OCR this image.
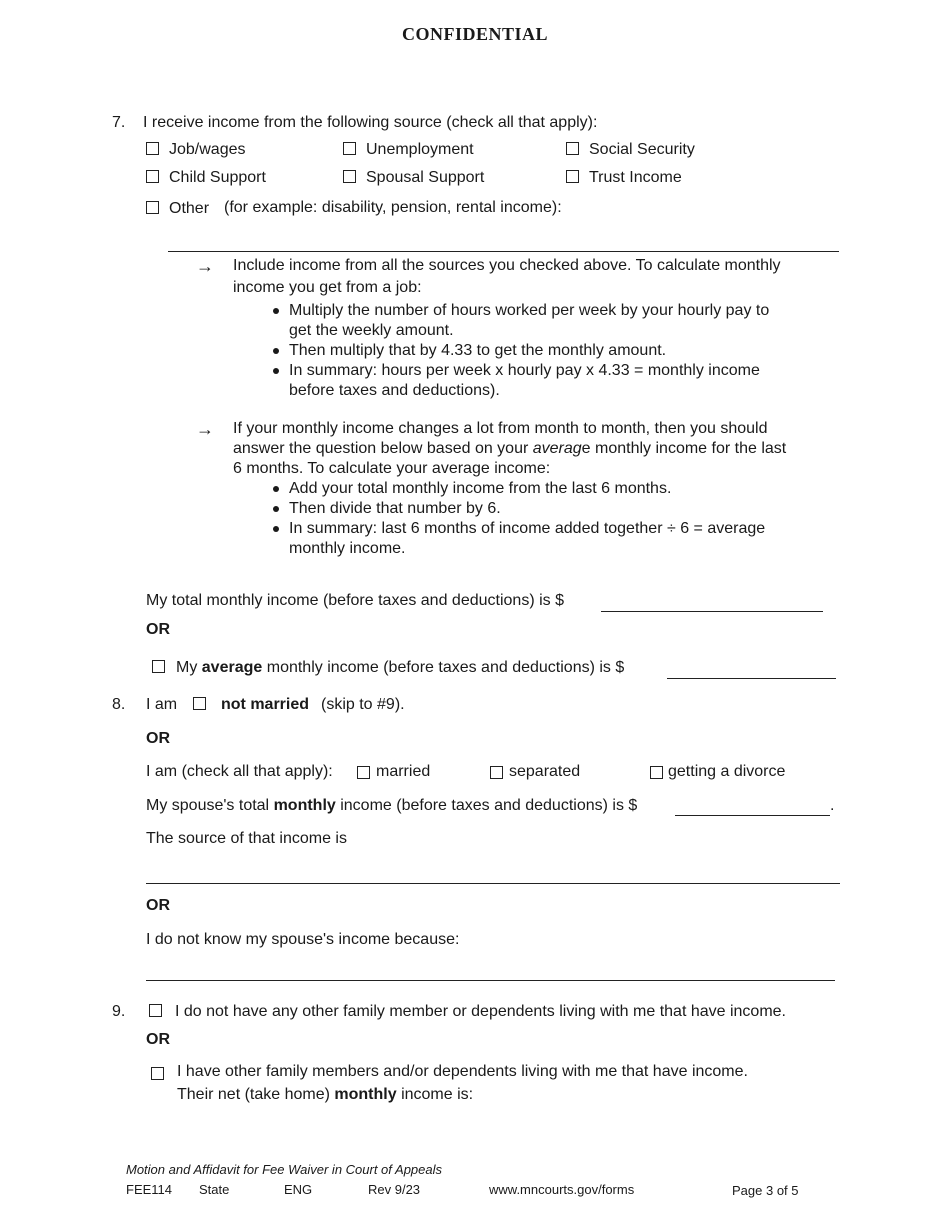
CONFIDENTIAL
7. I receive income from the following source (check all that apply):
Job/wages	Unemployment	Social Security
Child Support	Spousal Support	Trust Income
Other (for example: disability, pension, rental income):
→ Include income from all the sources you checked above. To calculate monthly
income you get from a job:
Multiply the number of hours worked per week by your hourly pay to
get the weekly amount.
Then multiply that by 4.33 to get the monthly amount.
In summary: hours per week x hourly pay x 4.33 = monthly income
before taxes and deductions).
→ If your monthly income changes a lot from month to month, then you should
answer the question below based on your average monthly income for the last
6 months. To calculate your average income:
Add your total monthly income from the last 6 months.
Then divide that number by 6.
In summary: last 6 months of income added together ÷ 6 = average
monthly income.
My total monthly income (before taxes and deductions) is $
OR
My average monthly income (before taxes and deductions) is $
8. I am	not married (skip to #9).
OR
I am (check all that apply):	married	separated	getting a divorce
My spouse's total monthly income (before taxes and deductions) is $	.
The source of that income is
OR
I do not know my spouse's income because:
9.	I do not have any other family member or dependents living with me that have income.
OR
I have other family members and/or dependents living with me that have income.
Their net (take home) monthly income is:
Motion and Affidavit for Fee Waiver in Court of Appeals
FEE114 State	ENG	Rev 9/23	www.mncourts.gov/forms	Page 3 of 5
